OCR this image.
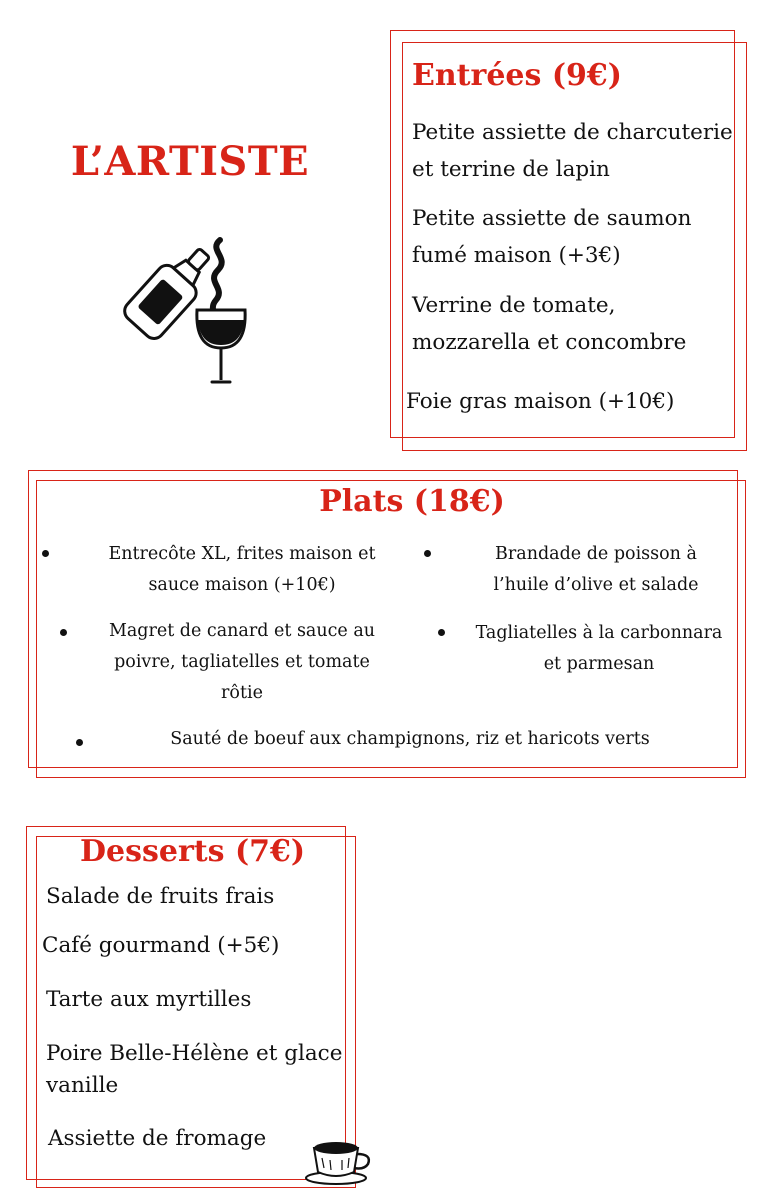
L’ARTISTE
Entrées (9€)
Petite assiette de charcuterie
et terrine de lapin
Petite assiette de saumon
fumé maison (+3€)
Verrine de tomate,
mozzarella et concombre
Foie gras maison (+10€)
Plats (18€)
Entrecôte XL, frites maison et
sauce maison (+10€)
Brandade de poisson à
l’huile d’olive et salade
Magret de canard et sauce au
poivre, tagliatelles et tomate
rôtie
Tagliatelles à la carbonnara
et parmesan
Sauté de boeuf aux champignons, riz et haricots verts
Desserts (7€)
Salade de fruits frais
Café gourmand (+5€)
Tarte aux myrtilles
Poire Belle-Hélène et glace
vanille
Assiette de fromage
